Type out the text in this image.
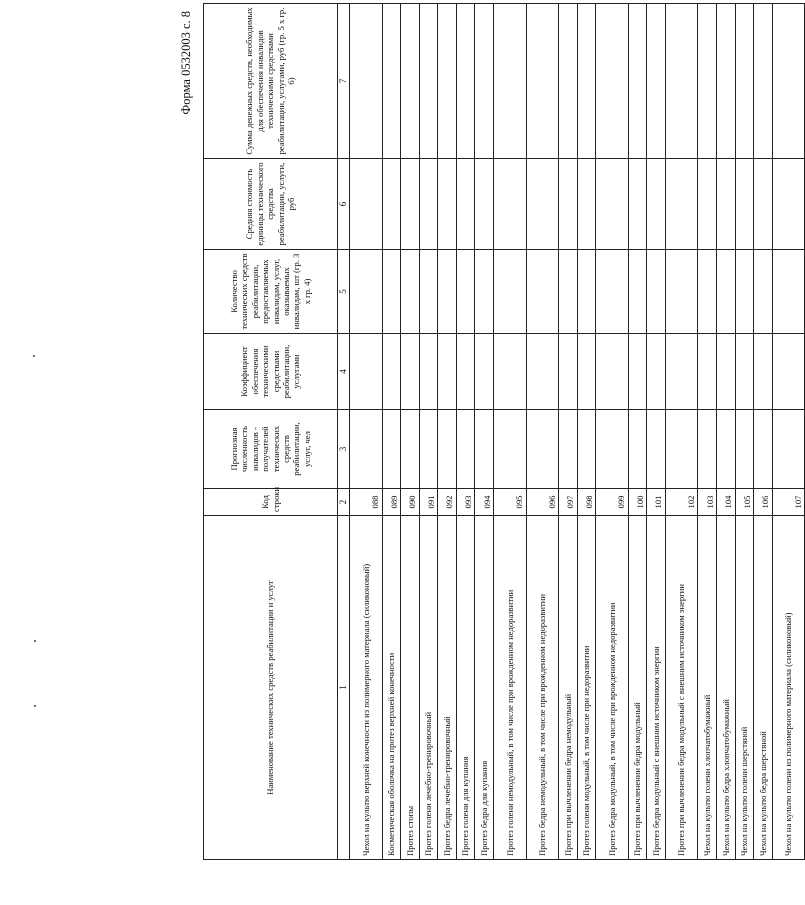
Форма 0532003 с. 8
Наименование технических средств реабилитации и услуг	Код строки	Прогнозная численность инвалидов - получателей технических средств реабилитации, услуг, чел	Коэффициент обеспечения техническими средствами реабилитации, услугами	Количество технических средств реабилитации, предоставляемых инвалидам, услуг, оказываемых инвалидам, шт (гр. 3 х гр. 4)	Средняя стоимость единицы технического средства реабилитации, услуги, руб	Сумма денежных средств, необходимых для обеспечения инвалидов техническими средствами реабилитации, услугами, руб (гр. 5 х гр. 6)
1	2	3	4	5	6	7
Чехол на культю верхней конечности из полимерного материала (силиконовый)	088					
Косметическая оболочка на протез верхней конечности	089					
Протез стопы	090					
Протез голени лечебно-тренировочный	091					
Протез бедра лечебно-тренировочный	092					
Протез голени для купания	093					
Протез бедра для купания	094					
Протез голени немодульный, в том числе при врожденном недоразвитии	095					
Протез бедра немодульный, в том числе при врожденном недоразвитии	096					
Протез при вычленении бедра немодульный	097					
Протез голени модульный, в том числе при недоразвитии	098					
Протез бедра модульный, в том числе при врожденном недоразвитии	099					
Протез при вычленении бедра модульный	100					
Протез бедра модульный с внешним источником энергии	101					
Протез при вычленении бедра модульный с внешним источником энергии	102					
Чехол на культю голени хлопчатобумажный	103					
Чехол на культю бедра хлопчатобумажный	104					
Чехол на культю голени шерстяной	105					
Чехол на культю бедра шерстяной	106					
Чехол на культю голени из полимерного материала (силиконовый)	107					
